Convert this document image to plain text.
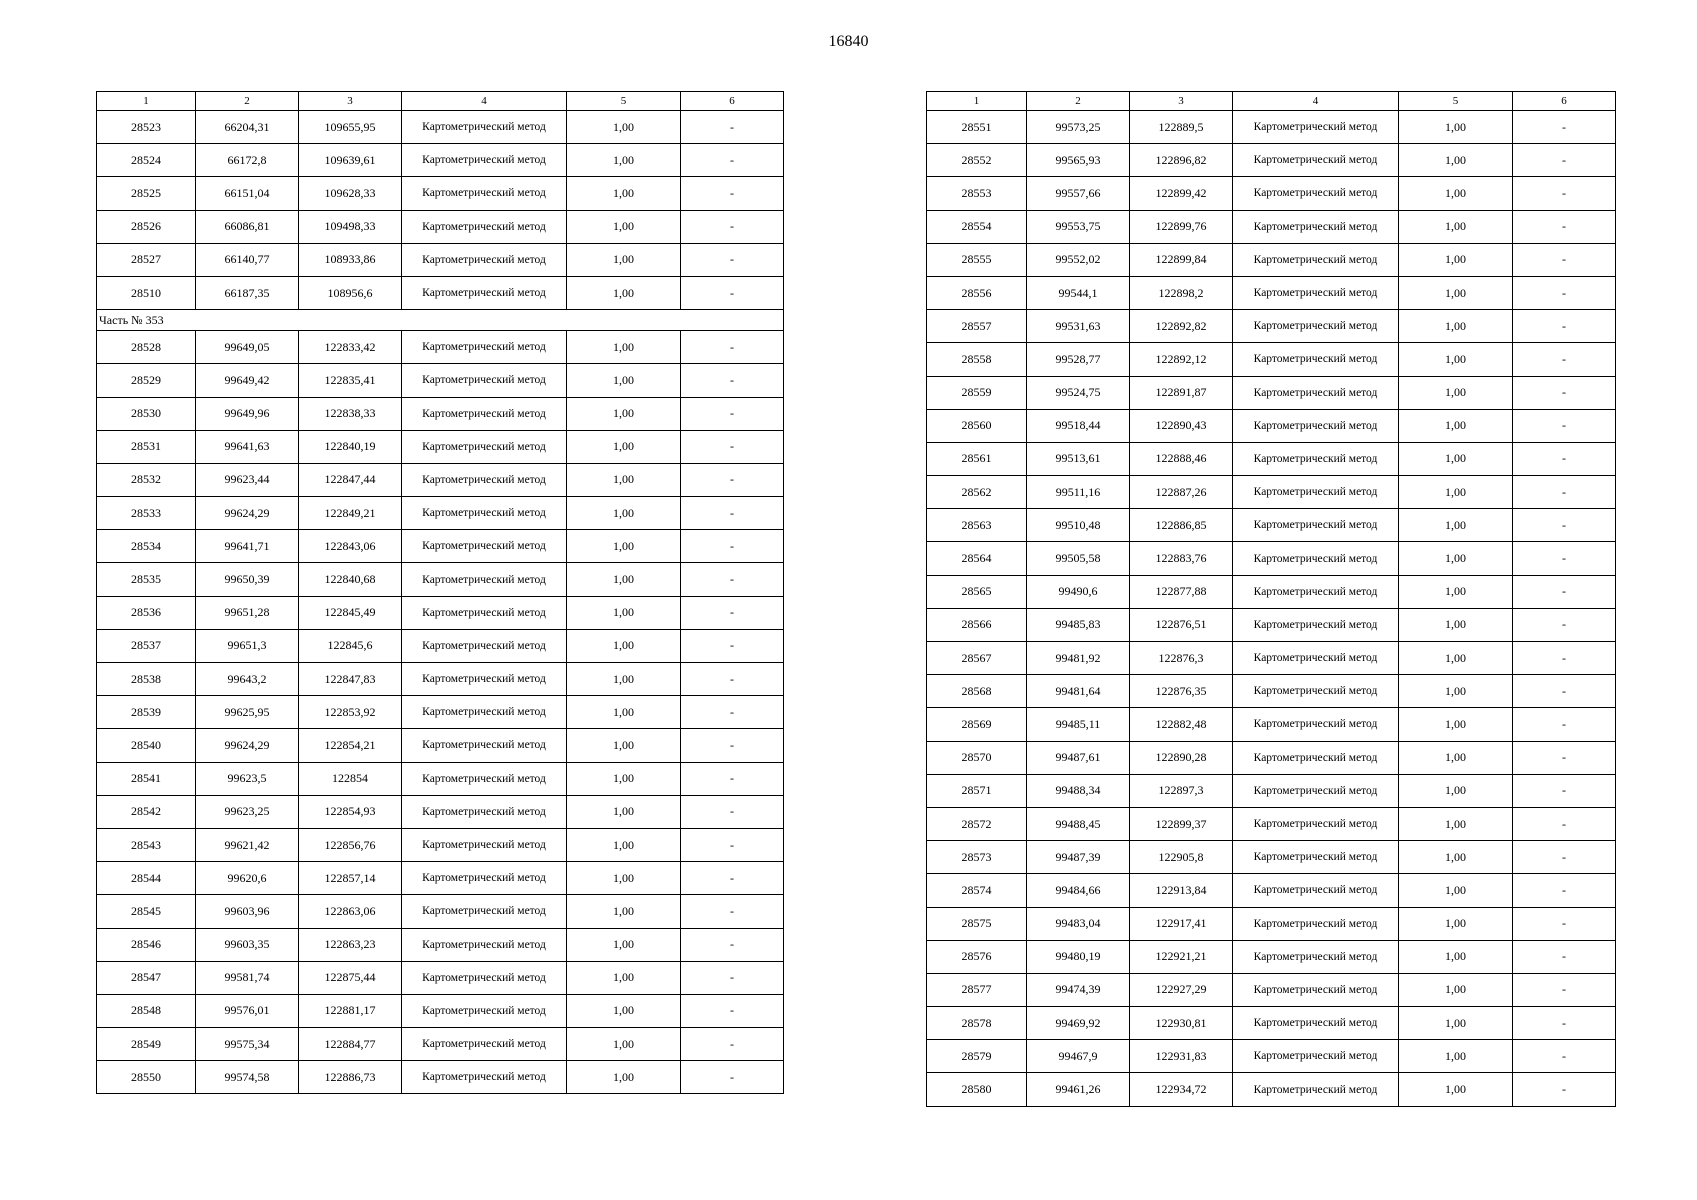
16840
1	2	3	4	5	6
28523	66204,31	109655,95	Картометрический метод	1,00	-
28524	66172,8	109639,61	Картометрический метод	1,00	-
28525	66151,04	109628,33	Картометрический метод	1,00	-
28526	66086,81	109498,33	Картометрический метод	1,00	-
28527	66140,77	108933,86	Картометрический метод	1,00	-
28510	66187,35	108956,6	Картометрический метод	1,00	-
Часть № 353					
28528	99649,05	122833,42	Картометрический метод	1,00	-
28529	99649,42	122835,41	Картометрический метод	1,00	-
28530	99649,96	122838,33	Картометрический метод	1,00	-
28531	99641,63	122840,19	Картометрический метод	1,00	-
28532	99623,44	122847,44	Картометрический метод	1,00	-
28533	99624,29	122849,21	Картометрический метод	1,00	-
28534	99641,71	122843,06	Картометрический метод	1,00	-
28535	99650,39	122840,68	Картометрический метод	1,00	-
28536	99651,28	122845,49	Картометрический метод	1,00	-
28537	99651,3	122845,6	Картометрический метод	1,00	-
28538	99643,2	122847,83	Картометрический метод	1,00	-
28539	99625,95	122853,92	Картометрический метод	1,00	-
28540	99624,29	122854,21	Картометрический метод	1,00	-
28541	99623,5	122854	Картометрический метод	1,00	-
28542	99623,25	122854,93	Картометрический метод	1,00	-
28543	99621,42	122856,76	Картометрический метод	1,00	-
28544	99620,6	122857,14	Картометрический метод	1,00	-
28545	99603,96	122863,06	Картометрический метод	1,00	-
28546	99603,35	122863,23	Картометрический метод	1,00	-
28547	99581,74	122875,44	Картометрический метод	1,00	-
28548	99576,01	122881,17	Картометрический метод	1,00	-
28549	99575,34	122884,77	Картометрический метод	1,00	-
28550	99574,58	122886,73	Картометрический метод	1,00	-
1	2	3	4	5	6
28551	99573,25	122889,5	Картометрический метод	1,00	-
28552	99565,93	122896,82	Картометрический метод	1,00	-
28553	99557,66	122899,42	Картометрический метод	1,00	-
28554	99553,75	122899,76	Картометрический метод	1,00	-
28555	99552,02	122899,84	Картометрический метод	1,00	-
28556	99544,1	122898,2	Картометрический метод	1,00	-
28557	99531,63	122892,82	Картометрический метод	1,00	-
28558	99528,77	122892,12	Картометрический метод	1,00	-
28559	99524,75	122891,87	Картометрический метод	1,00	-
28560	99518,44	122890,43	Картометрический метод	1,00	-
28561	99513,61	122888,46	Картометрический метод	1,00	-
28562	99511,16	122887,26	Картометрический метод	1,00	-
28563	99510,48	122886,85	Картометрический метод	1,00	-
28564	99505,58	122883,76	Картометрический метод	1,00	-
28565	99490,6	122877,88	Картометрический метод	1,00	-
28566	99485,83	122876,51	Картометрический метод	1,00	-
28567	99481,92	122876,3	Картометрический метод	1,00	-
28568	99481,64	122876,35	Картометрический метод	1,00	-
28569	99485,11	122882,48	Картометрический метод	1,00	-
28570	99487,61	122890,28	Картометрический метод	1,00	-
28571	99488,34	122897,3	Картометрический метод	1,00	-
28572	99488,45	122899,37	Картометрический метод	1,00	-
28573	99487,39	122905,8	Картометрический метод	1,00	-
28574	99484,66	122913,84	Картометрический метод	1,00	-
28575	99483,04	122917,41	Картометрический метод	1,00	-
28576	99480,19	122921,21	Картометрический метод	1,00	-
28577	99474,39	122927,29	Картометрический метод	1,00	-
28578	99469,92	122930,81	Картометрический метод	1,00	-
28579	99467,9	122931,83	Картометрический метод	1,00	-
28580	99461,26	122934,72	Картометрический метод	1,00	-
